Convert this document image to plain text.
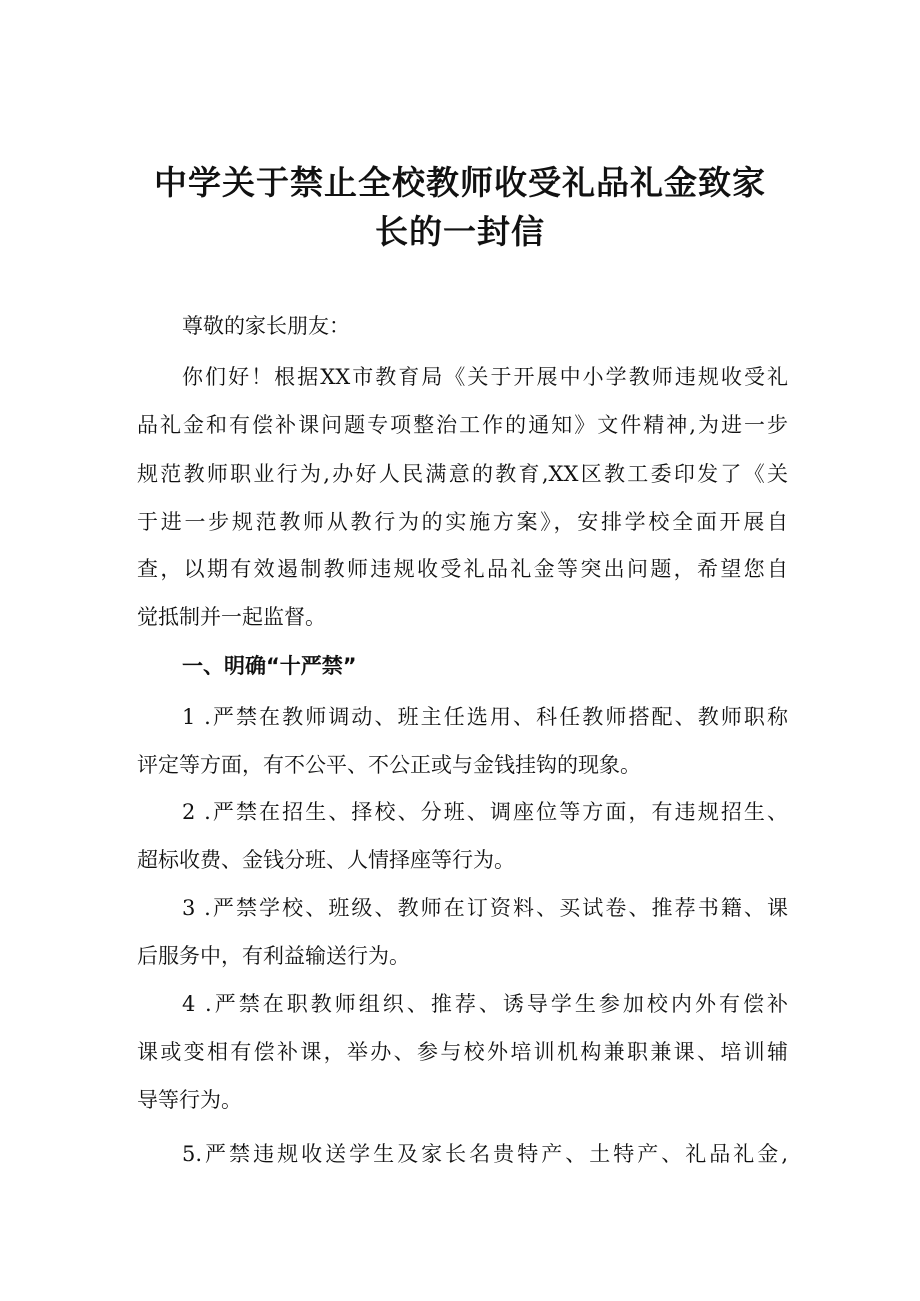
中学关于禁止全校教师收受礼品礼金致家
长的一封信
尊敬的家长朋友：
你们好！根据XX市教育局《关于开展中小学教师违规收受礼
品礼金和有偿补课问题专项整治工作的通知》文件精神,为进一步
规范教师职业行为,办好人民满意的教育,XX区教工委印发了《关
于进一步规范教师从教行为的实施方案》，安排学校全面开展自
查，以期有效遏制教师违规收受礼品礼金等突出问题，希望您自
觉抵制并一起监督。
一、明确“十严禁”
1 .严禁在教师调动、班主任选用、科任教师搭配、教师职称
评定等方面，有不公平、不公正或与金钱挂钩的现象。
2 .严禁在招生、择校、分班、调座位等方面，有违规招生、
超标收费、金钱分班、人情择座等行为。
3 .严禁学校、班级、教师在订资料、买试卷、推荐书籍、课
后服务中，有利益输送行为。
4 .严禁在职教师组织、推荐、诱导学生参加校内外有偿补
课或变相有偿补课，举办、参与校外培训机构兼职兼课、培训辅
导等行为。
5.严禁违规收送学生及家长名贵特产、土特产、礼品礼金,
